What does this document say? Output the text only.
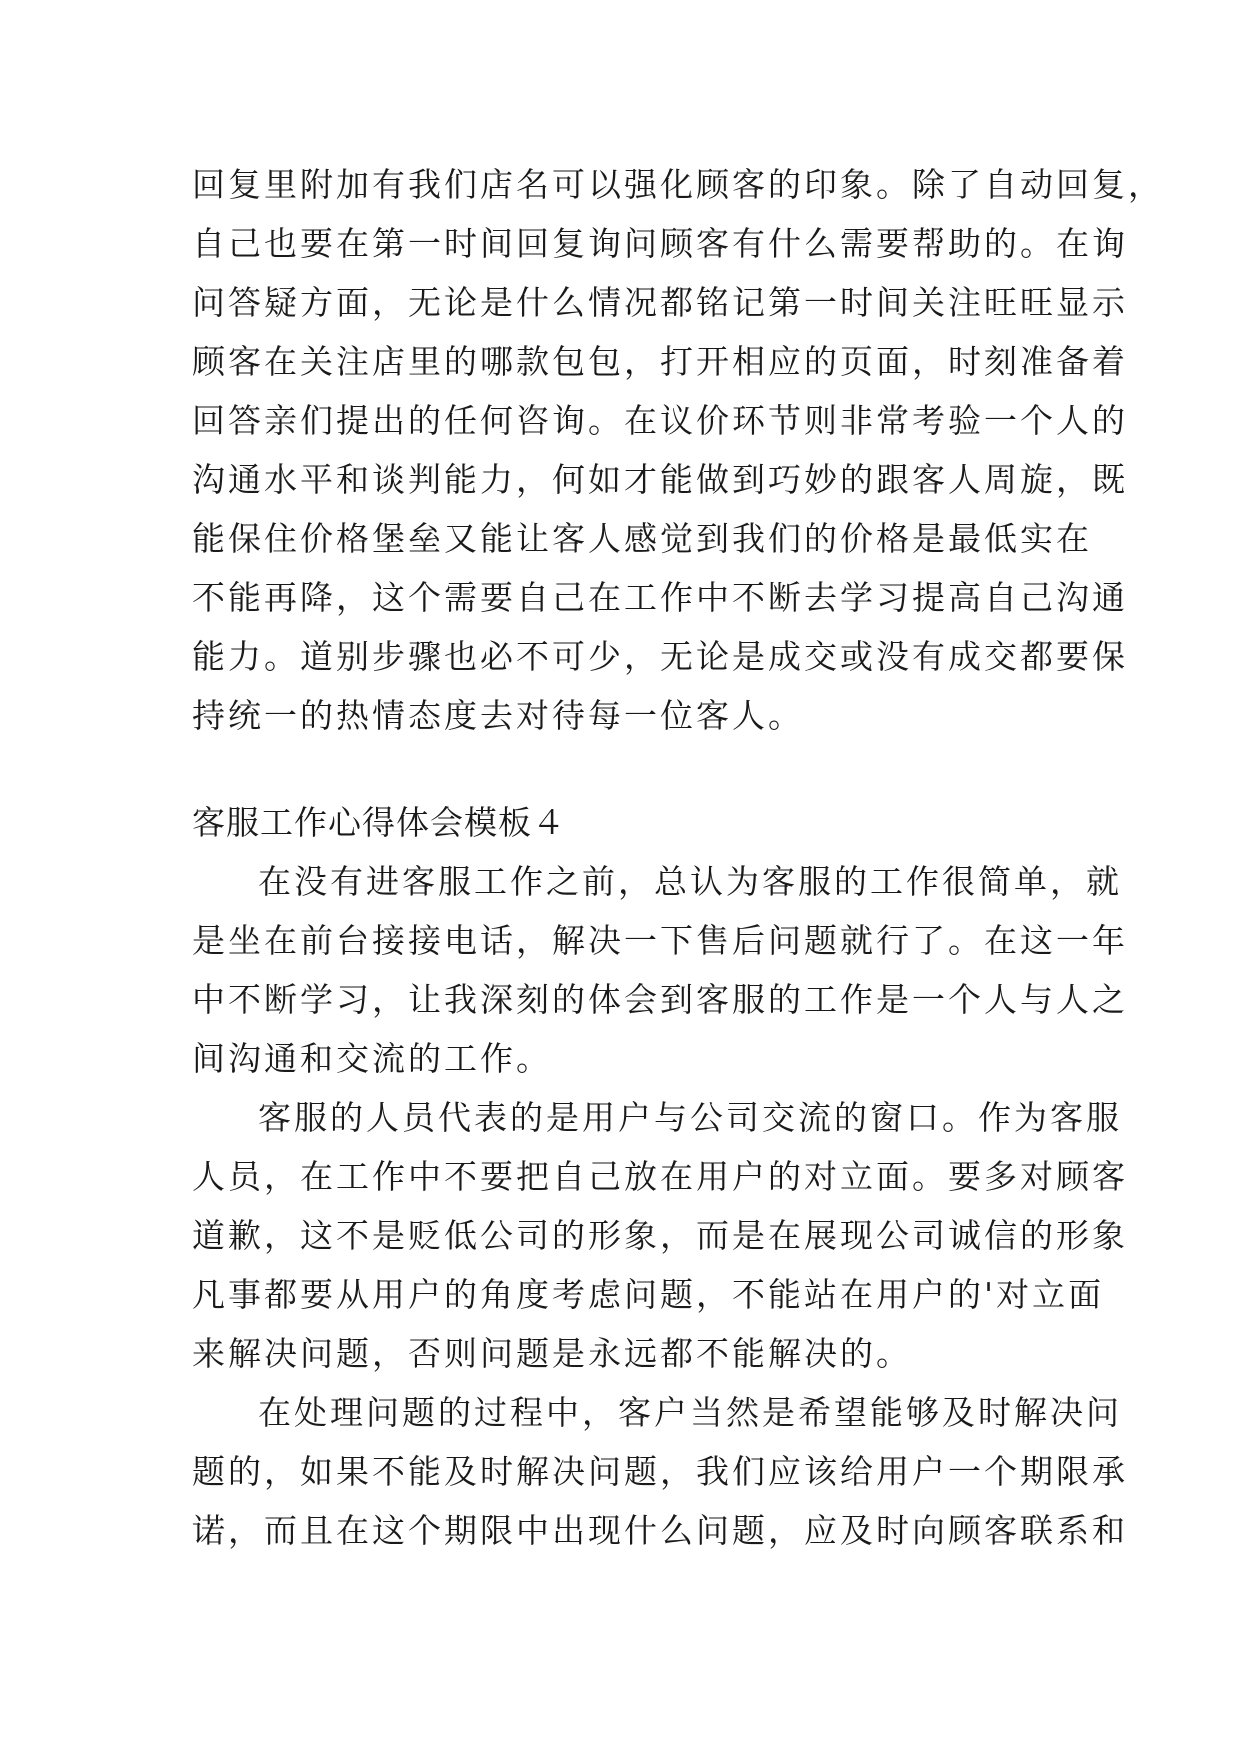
回复里附加有我们店名可以强化顾客的印象。除了自动回复，
自己也要在第一时间回复询问顾客有什么需要帮助的。在询
问答疑方面，无论是什么情况都铭记第一时间关注旺旺显示
顾客在关注店里的哪款包包，打开相应的页面，时刻准备着
回答亲们提出的任何咨询。在议价环节则非常考验一个人的
沟通水平和谈判能力，何如才能做到巧妙的跟客人周旋，既
能保住价格堡垒又能让客人感觉到我们的价格是最低实在
不能再降，这个需要自己在工作中不断去学习提高自己沟通
能力。道别步骤也必不可少，无论是成交或没有成交都要保
持统一的热情态度去对待每一位客人。
客服工作心得体会模板４
在没有进客服工作之前，总认为客服的工作很简单，就
是坐在前台接接电话，解决一下售后问题就行了。在这一年
中不断学习，让我深刻的体会到客服的工作是一个人与人之
间沟通和交流的工作。
客服的人员代表的是用户与公司交流的窗口。作为客服
人员，在工作中不要把自己放在用户的对立面。要多对顾客
道歉，这不是贬低公司的形象，而是在展现公司诚信的形象
凡事都要从用户的角度考虑问题，不能站在用户的'对立面
来解决问题，否则问题是永远都不能解决的。
在处理问题的过程中，客户当然是希望能够及时解决问
题的，如果不能及时解决问题，我们应该给用户一个期限承
诺，而且在这个期限中出现什么问题，应及时向顾客联系和
